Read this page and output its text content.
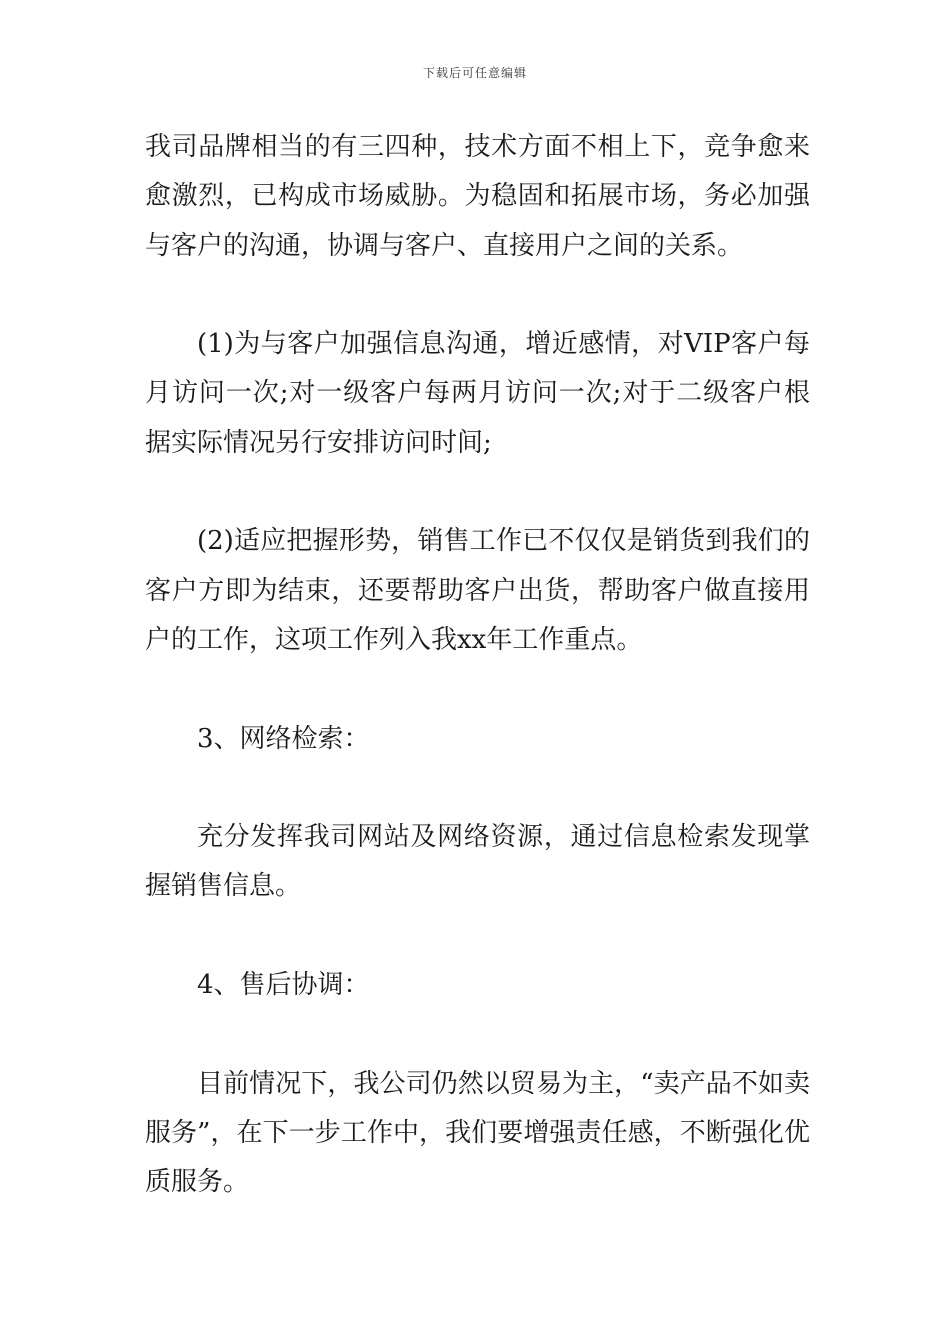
下载后可任意编辑

我司品牌相当的有三四种，技术方面不相上下，竞争愈来愈激烈，已构成市场威胁。为稳固和拓展市场，务必加强与客户的沟通，协调与客户、直接用户之间的关系。

(1)为与客户加强信息沟通，增近感情，对VIP客户每月访问一次;对一级客户每两月访问一次;对于二级客户根据实际情况另行安排访问时间;

(2)适应把握形势，销售工作已不仅仅是销货到我们的客户方即为结束，还要帮助客户出货，帮助客户做直接用户的工作，这项工作列入我xx年工作重点。

3、网络检索：

充分发挥我司网站及网络资源，通过信息检索发现掌握销售信息。

4、售后协调：

目前情况下，我公司仍然以贸易为主，“卖产品不如卖服务”，在下一步工作中，我们要增强责任感，不断强化优质服务。
